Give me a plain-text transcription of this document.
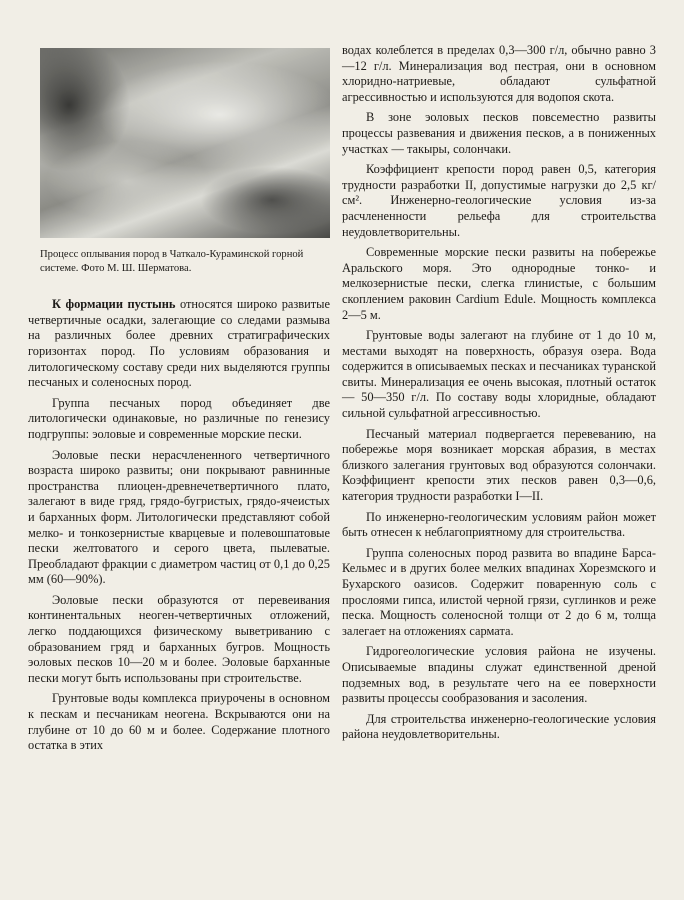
Процесс оплывания пород в Чаткало-Кураминской горной системе. Фото М. Ш. Шерматова.

К формации пустынь относятся широко развитые четвертичные осадки, залегающие со следами размыва на различных более древних стратиграфических горизонтах пород. По условиям образования и литологическому составу среди них выделяются группы песчаных и соленосных пород.

Группа песчаных пород объединяет две литологически одинаковые, но различные по генезису подгруппы: эоловые и современные морские пески.

Эоловые пески нерасчлененного четвертичного возраста широко развиты; они покрывают равнинные пространства плиоцен-древнечетвертичного плато, залегают в виде гряд, грядо-бугристых, грядо-ячеистых и барханных форм. Литологически представляют собой мелко- и тонкозернистые кварцевые и полевошпатовые пески желтоватого и серого цвета, пылеватые. Преобладают фракции с диаметром частиц от 0,1 до 0,25 мм (60—90%).

Эоловые пески образуются от перевеивания континентальных неоген-четвертичных отложений, легко поддающихся физическому выветриванию с образованием гряд и барханных бугров. Мощность эоловых песков 10—20 м и более. Эоловые барханные пески могут быть использованы при строительстве.

Грунтовые воды комплекса приурочены в основном к пескам и песчаникам неогена. Вскрываются они на глубине от 10 до 60 м и более. Содержание плотного остатка в этих

водах колеблется в пределах 0,3—300 г/л, обычно равно 3—12 г/л. Минерализация вод пестрая, они в основном хлоридно-натриевые, обладают сульфатной агрессивностью и используются для водопоя скота.

В зоне эоловых песков повсеместно развиты процессы развевания и движения песков, а в пониженных участках — такыры, солончаки.

Коэффициент крепости пород равен 0,5, категория трудности разработки II, допустимые нагрузки до 2,5 кг/см². Инженерно-геологические условия из-за расчлененности рельефа для строительства неудовлетворительны.

Современные морские пески развиты на побережье Аральского моря. Это однородные тонко- и мелкозернистые пески, слегка глинистые, с большим скоплением раковин Cardium Edule. Мощность комплекса 2—5 м.

Грунтовые воды залегают на глубине от 1 до 10 м, местами выходят на поверхность, образуя озера. Вода содержится в описываемых песках и песчаниках туранской свиты. Минерализация ее очень высокая, плотный остаток — 50—350 г/л. По составу воды хлоридные, обладают сильной сульфатной агрессивностью.

Песчаный материал подвергается перевеванию, на побережье моря возникает морская абразия, в местах близкого залегания грунтовых вод образуются солончаки. Коэффициент крепости этих песков равен 0,3—0,6, категория трудности разработки I—II.

По инженерно-геологическим условиям район может быть отнесен к неблагоприятному для строительства.

Группа соленосных пород развита во впадине Барса-Кельмес и в других более мелких впадинах Хорезмского и Бухарского оазисов. Содержит поваренную соль с прослоями гипса, илистой черной грязи, суглинков и реже песка. Мощность соленосной толщи от 2 до 6 м, толща залегает на отложениях сармата.

Гидрогеологические условия района не изучены. Описываемые впадины служат единственной дреной подземных вод, в результате чего на ее поверхности развиты процессы сообразования и засоления.

Для строительства инженерно-геологические условия района неудовлетворительны.
